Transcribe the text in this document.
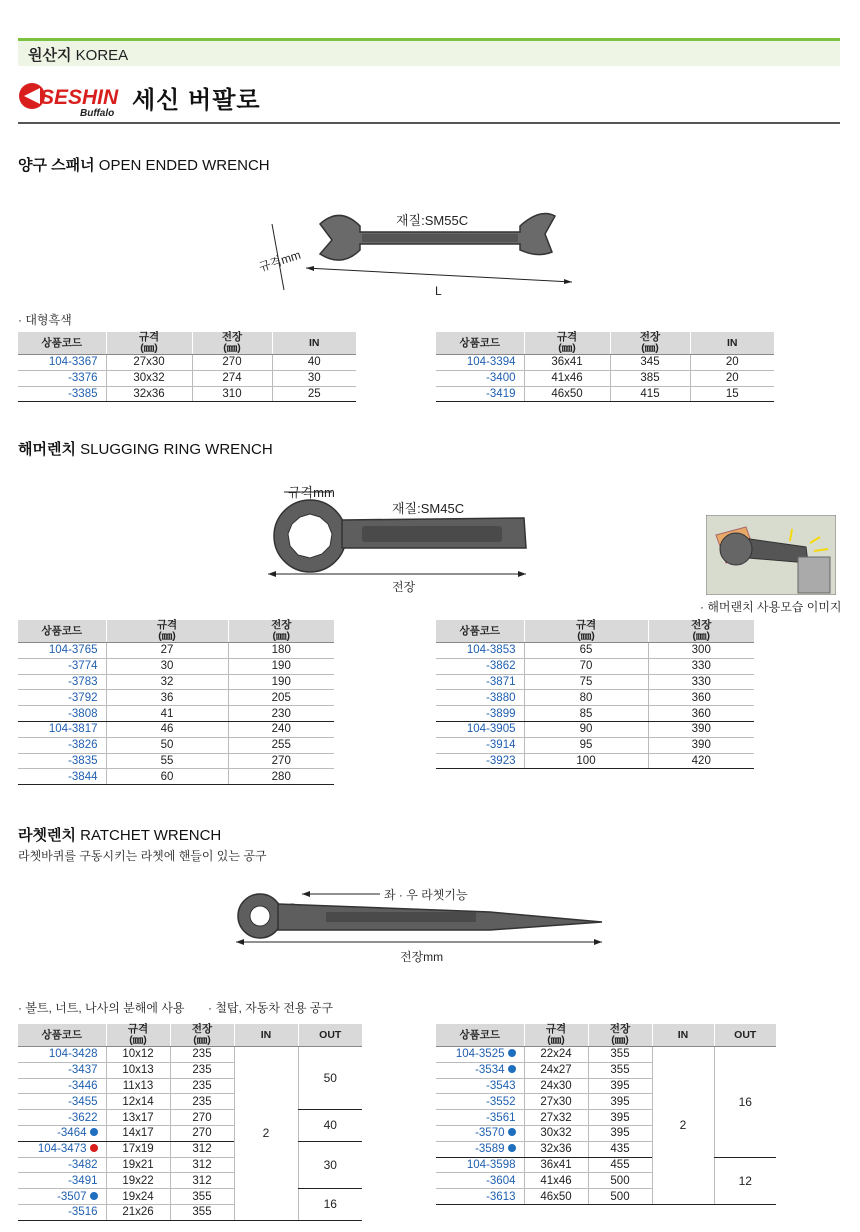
원산지 KOREA
SESHIN
Buffalo 세신 버팔로
양구 스패너 OPEN ENDED WRENCH
재질:SM55C
규격mm
L
· 대형흑색
상품코드	규격
(㎜)	전장
(㎜)	IN
104-3367	27x30	270	40
-3376	30x32	274	30
-3385	32x36	310	25
상품코드	규격
(㎜)	전장
(㎜)	IN
104-3394	36x41	345	20
-3400	41x46	385	20
-3419	46x50	415	15
해머렌치 SLUGGING RING WRENCH
규격mm
재질:SM45C
전장
· 해머랜치 사용모습 이미지
상품코드	규격
(㎜)	전장
(㎜)
104-3765	27	180
-3774	30	190
-3783	32	190
-3792	36	205
-3808	41	230
104-3817	46	240
-3826	50	255
-3835	55	270
-3844	60	280
상품코드	규격
(㎜)	전장
(㎜)
104-3853	65	300
-3862	70	330
-3871	75	330
-3880	80	360
-3899	85	360
104-3905	90	390
-3914	95	390
-3923	100	420
라쳇렌치 RATCHET WRENCH
라쳇바퀴를 구동시키는 라쳇에 핸들이 있는 공구
좌 · 우 라쳇기능
전장mm
· 볼트, 너트, 나사의 분해에 사용 · 철탑, 자동차 전용 공구
상품코드	규격
(㎜)	전장
(㎜)	IN	OUT
104-3428	10x12	235	2	50
-3437	10x13	235		
-3446	11x13	235		
-3455	12x14	235		
-3622	13x17	270		40
-3464	14x17	270		
104-3473	17x19	312		30
-3482	19x21	312		
-3491	19x22	312		
-3507	19x24	355		16
-3516	21x26	355		
상품코드	규격
(㎜)	전장
(㎜)	IN	OUT
104-3525	22x24	355	2	16
-3534	24x27	355		
-3543	24x30	395		
-3552	27x30	395		
-3561	27x32	395		
-3570	30x32	395		
-3589	32x36	435		
104-3598	36x41	455		12
-3604	41x46	500		
-3613	46x50	500		
